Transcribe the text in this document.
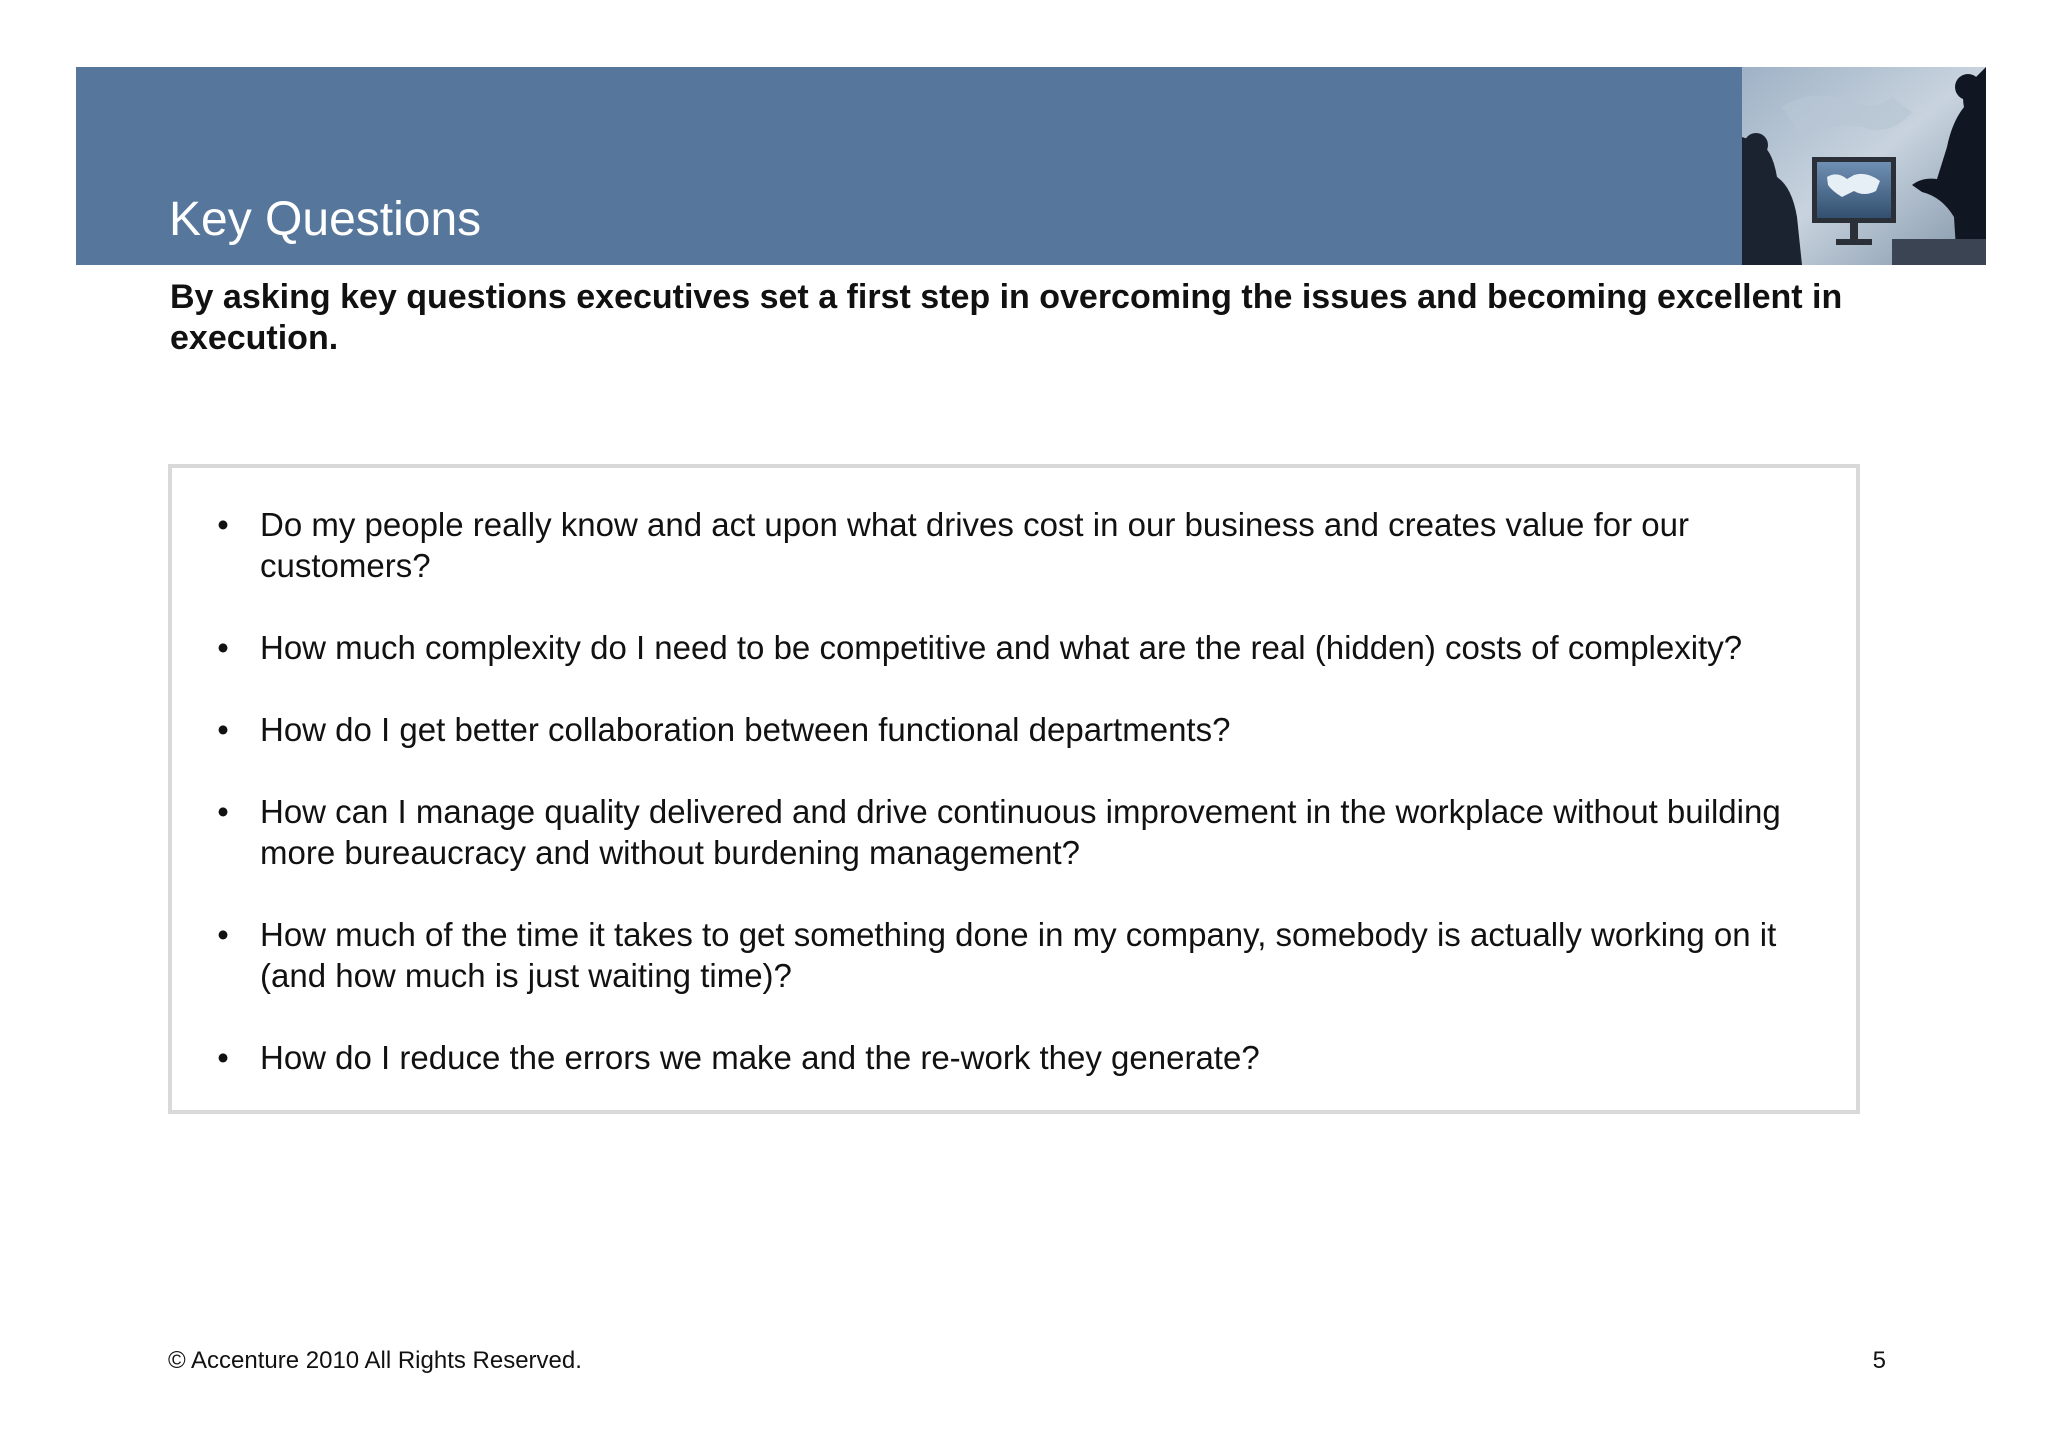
Key Questions
By asking key questions executives set a first step in overcoming the issues and becoming excellent in execution.
• Do my people really know and act upon what drives cost in our business and creates value for our customers?
• How much complexity do I need to be competitive and what are the real (hidden) costs of complexity?
• How do I get better collaboration between functional departments?
• How can I manage quality delivered and drive continuous improvement in the workplace without building more bureaucracy and without burdening management?
• How much of the time it takes to get something done in my company, somebody is actually working on it (and how much is just waiting time)?
• How do I reduce the errors we make and the re-work they generate?
© Accenture 2010 All Rights Reserved.	5
